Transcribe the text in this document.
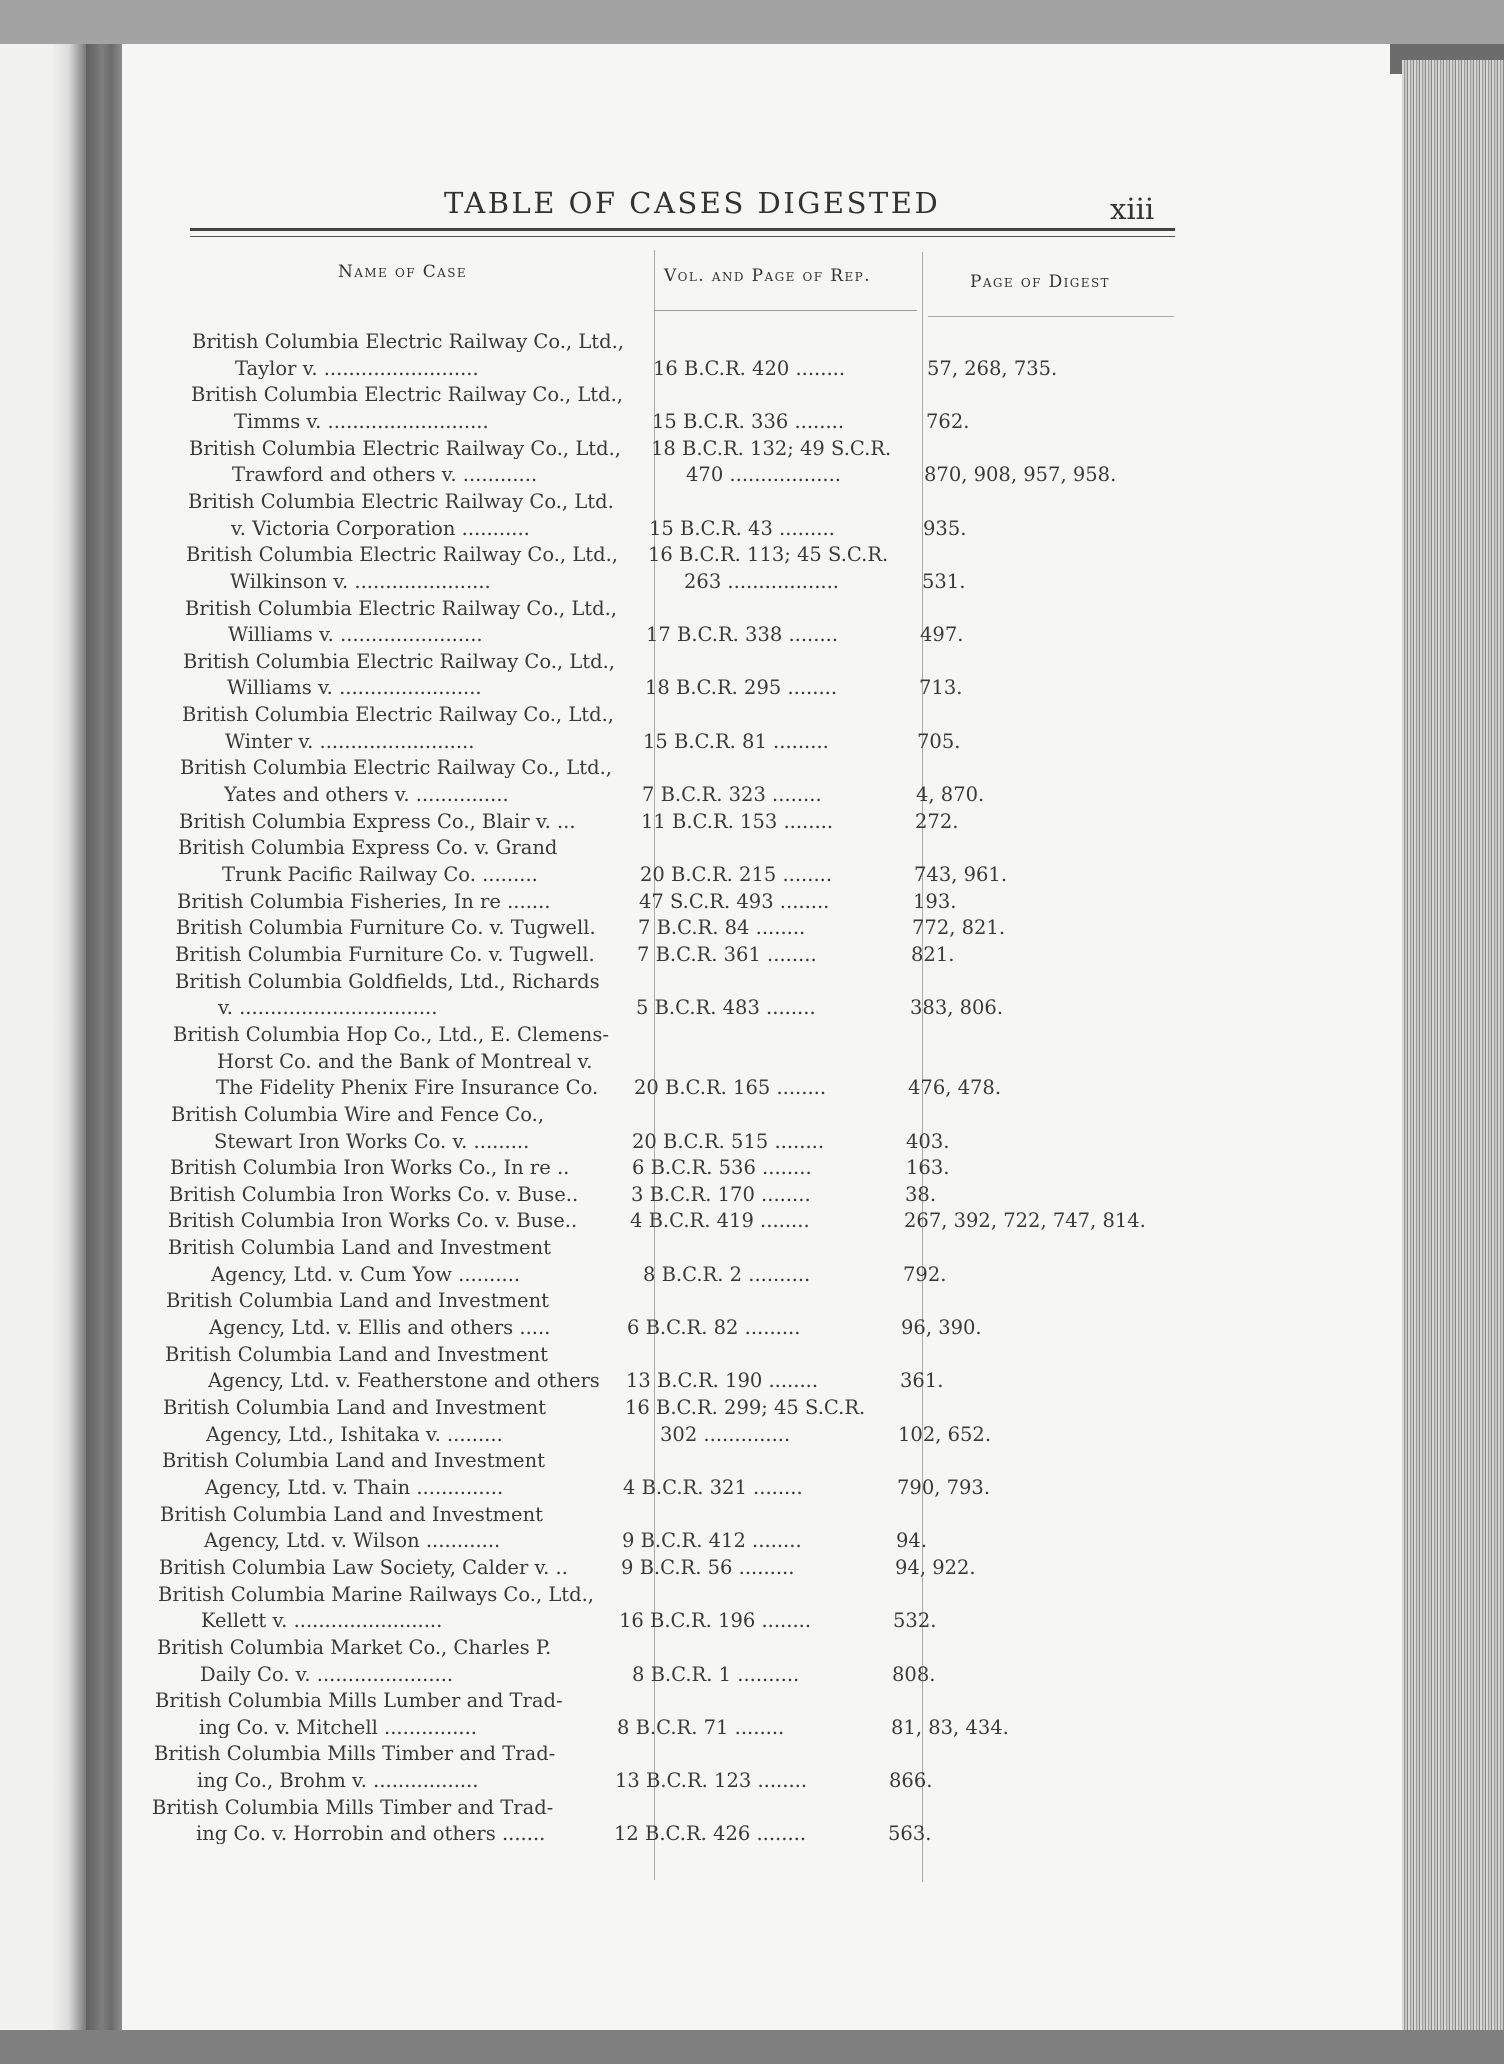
TABLE OF CASES DIGESTED	xiii
Name of Case	Vol. and Page of Rep.	Page of Digest
British Columbia Electric Railway Co., Ltd.,
Taylor v. .........................	16 B.C.R. 420 ........	57, 268, 735.
British Columbia Electric Railway Co., Ltd.,
Timms v. ..........................	15 B.C.R. 336 ........	762.
British Columbia Electric Railway Co., Ltd.,	18 B.C.R. 132; 49 S.C.R.
Trawford and others v. ............	470 ..................	870, 908, 957, 958.
British Columbia Electric Railway Co., Ltd.
v. Victoria Corporation ...........	15 B.C.R. 43 .........	935.
British Columbia Electric Railway Co., Ltd.,	16 B.C.R. 113; 45 S.C.R.
Wilkinson v. ......................	263 ..................	531.
British Columbia Electric Railway Co., Ltd.,
Williams v. .......................	17 B.C.R. 338 ........	497.
British Columbia Electric Railway Co., Ltd.,
Williams v. .......................	18 B.C.R. 295 ........	713.
British Columbia Electric Railway Co., Ltd.,
Winter v. .........................	15 B.C.R. 81 .........	705.
British Columbia Electric Railway Co., Ltd.,
Yates and others v. ...............	7 B.C.R. 323 ........	4, 870.
British Columbia Express Co., Blair v. ...	11 B.C.R. 153 ........	272.
British Columbia Express Co. v. Grand
Trunk Pacific Railway Co. .........	20 B.C.R. 215 ........	743, 961.
British Columbia Fisheries, In re .......	47 S.C.R. 493 ........	193.
British Columbia Furniture Co. v. Tugwell.	7 B.C.R. 84 ........	772, 821.
British Columbia Furniture Co. v. Tugwell.	7 B.C.R. 361 ........	821.
British Columbia Goldfields, Ltd., Richards
v. ................................	5 B.C.R. 483 ........	383, 806.
British Columbia Hop Co., Ltd., E. Clemens-
Horst Co. and the Bank of Montreal v.
The Fidelity Phenix Fire Insurance Co.	20 B.C.R. 165 ........	476, 478.
British Columbia Wire and Fence Co.,
Stewart Iron Works Co. v. .........	20 B.C.R. 515 ........	403.
British Columbia Iron Works Co., In re ..	6 B.C.R. 536 ........	163.
British Columbia Iron Works Co. v. Buse..	3 B.C.R. 170 ........	38.
British Columbia Iron Works Co. v. Buse..	4 B.C.R. 419 ........	267, 392, 722, 747, 814.
British Columbia Land and Investment
Agency, Ltd. v. Cum Yow ..........	8 B.C.R. 2 ..........	792.
British Columbia Land and Investment
Agency, Ltd. v. Ellis and others .....	6 B.C.R. 82 .........	96, 390.
British Columbia Land and Investment
Agency, Ltd. v. Featherstone and others	13 B.C.R. 190 ........	361.
British Columbia Land and Investment	16 B.C.R. 299; 45 S.C.R.
Agency, Ltd., Ishitaka v. .........	302 ..............	102, 652.
British Columbia Land and Investment
Agency, Ltd. v. Thain ..............	4 B.C.R. 321 ........	790, 793.
British Columbia Land and Investment
Agency, Ltd. v. Wilson ............	9 B.C.R. 412 ........	94.
British Columbia Law Society, Calder v. ..	9 B.C.R. 56 .........	94, 922.
British Columbia Marine Railways Co., Ltd.,
Kellett v. ........................	16 B.C.R. 196 ........	532.
British Columbia Market Co., Charles P.
Daily Co. v. ......................	8 B.C.R. 1 ..........	808.
British Columbia Mills Lumber and Trad-
ing Co. v. Mitchell ...............	8 B.C.R. 71 ........	81, 83, 434.
British Columbia Mills Timber and Trad-
ing Co., Brohm v. .................	13 B.C.R. 123 ........	866.
British Columbia Mills Timber and Trad-
ing Co. v. Horrobin and others .......	12 B.C.R. 426 ........	563.
